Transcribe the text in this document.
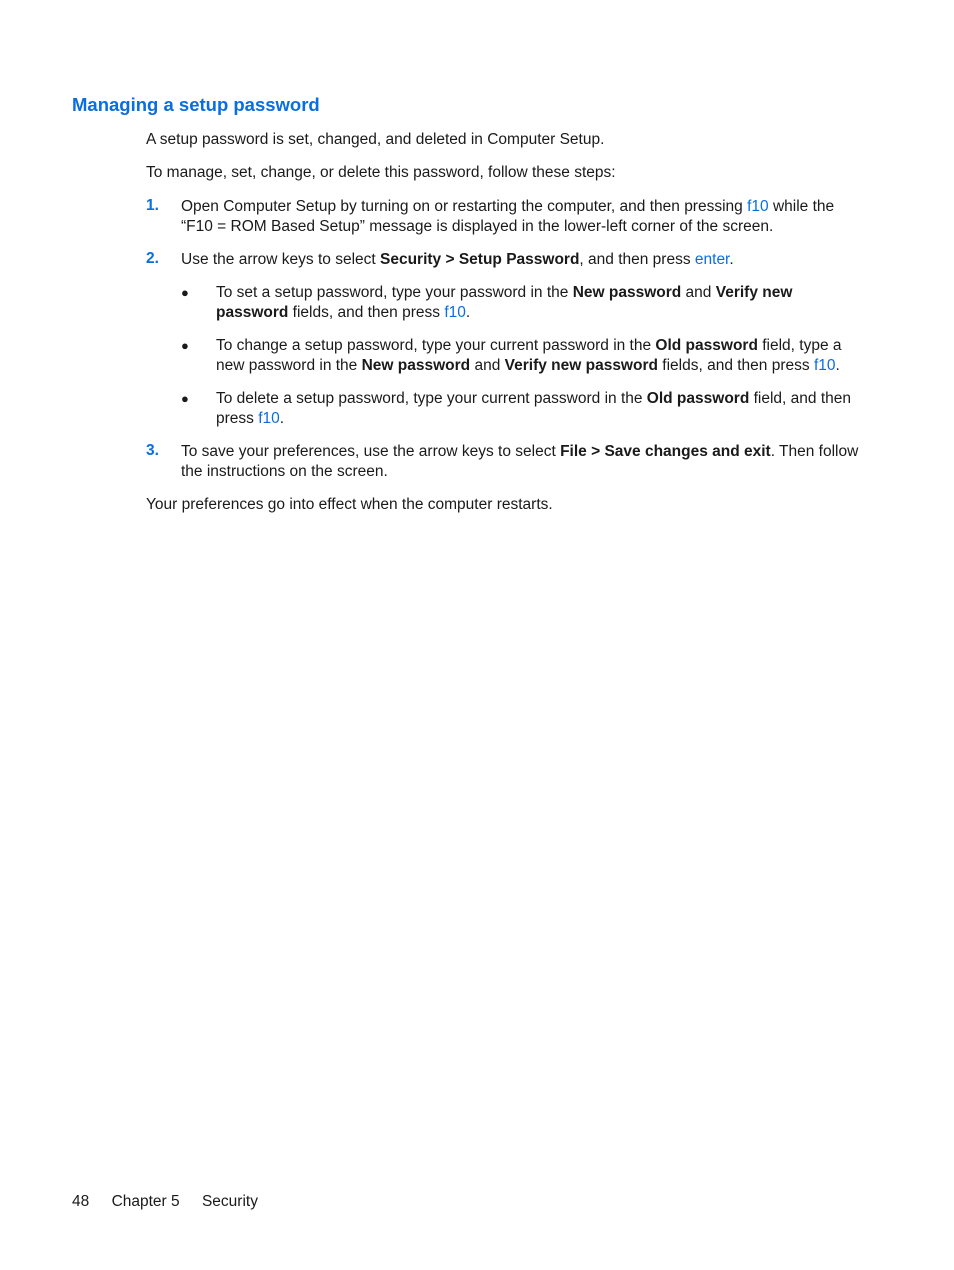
Managing a setup password

A setup password is set, changed, and deleted in Computer Setup.

To manage, set, change, or delete this password, follow these steps:

1. Open Computer Setup by turning on or restarting the computer, and then pressing f10 while the “F10 = ROM Based Setup” message is displayed in the lower-left corner of the screen.
2. Use the arrow keys to select Security > Setup Password, and then press enter.
● To set a setup password, type your password in the New password and Verify new password fields, and then press f10.
● To change a setup password, type your current password in the Old password field, type a new password in the New password and Verify new password fields, and then press f10.
● To delete a setup password, type your current password in the Old password field, and then press f10.
3. To save your preferences, use the arrow keys to select File > Save changes and exit. Then follow the instructions on the screen.

Your preferences go into effect when the computer restarts.

48 Chapter 5 Security
